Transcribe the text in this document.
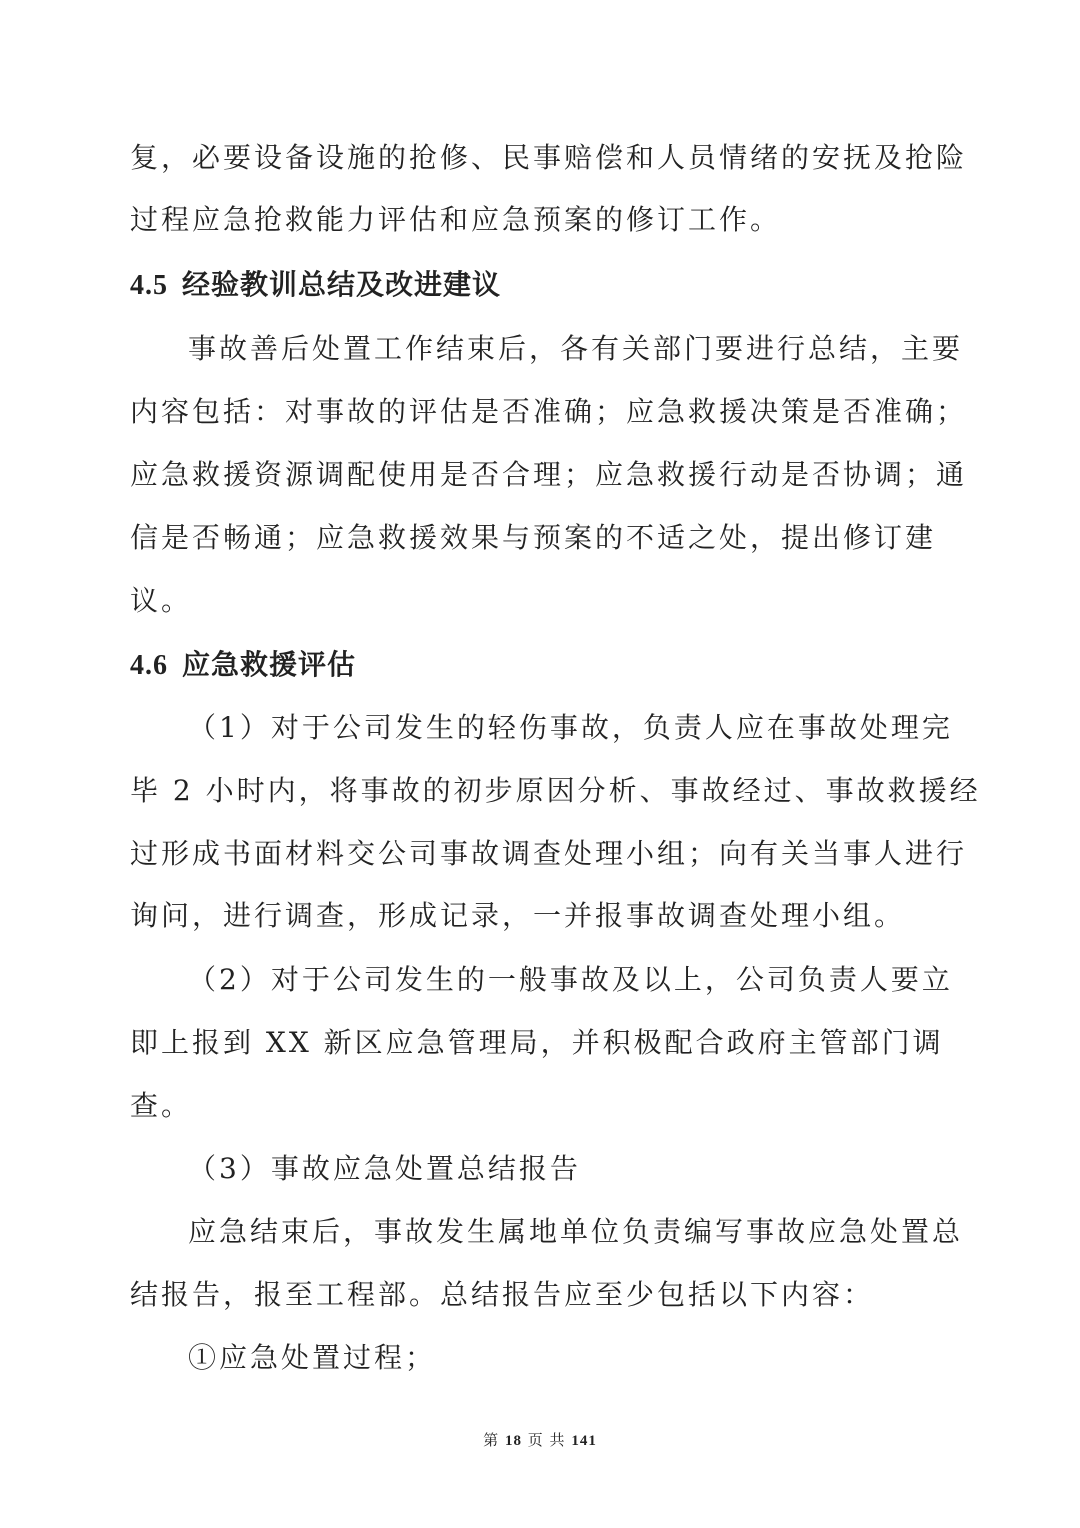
复，必要设备设施的抢修、民事赔偿和人员情绪的安抚及抢险
过程应急抢救能力评估和应急预案的修订工作。
4.5 经验教训总结及改进建议
事故善后处置工作结束后，各有关部门要进行总结，主要
内容包括：对事故的评估是否准确；应急救援决策是否准确；
应急救援资源调配使用是否合理；应急救援行动是否协调；通
信是否畅通；应急救援效果与预案的不适之处，提出修订建
议。
4.6 应急救援评估
（1）对于公司发生的轻伤事故，负责人应在事故处理完
毕 2 小时内，将事故的初步原因分析、事故经过、事故救援经
过形成书面材料交公司事故调查处理小组；向有关当事人进行
询问，进行调查，形成记录，一并报事故调查处理小组。
（2）对于公司发生的一般事故及以上，公司负责人要立
即上报到 XX 新区应急管理局，并积极配合政府主管部门调
查。
（3）事故应急处置总结报告
应急结束后，事故发生属地单位负责编写事故应急处置总
结报告，报至工程部。总结报告应至少包括以下内容：
①应急处置过程；
第 18 页 共 141
